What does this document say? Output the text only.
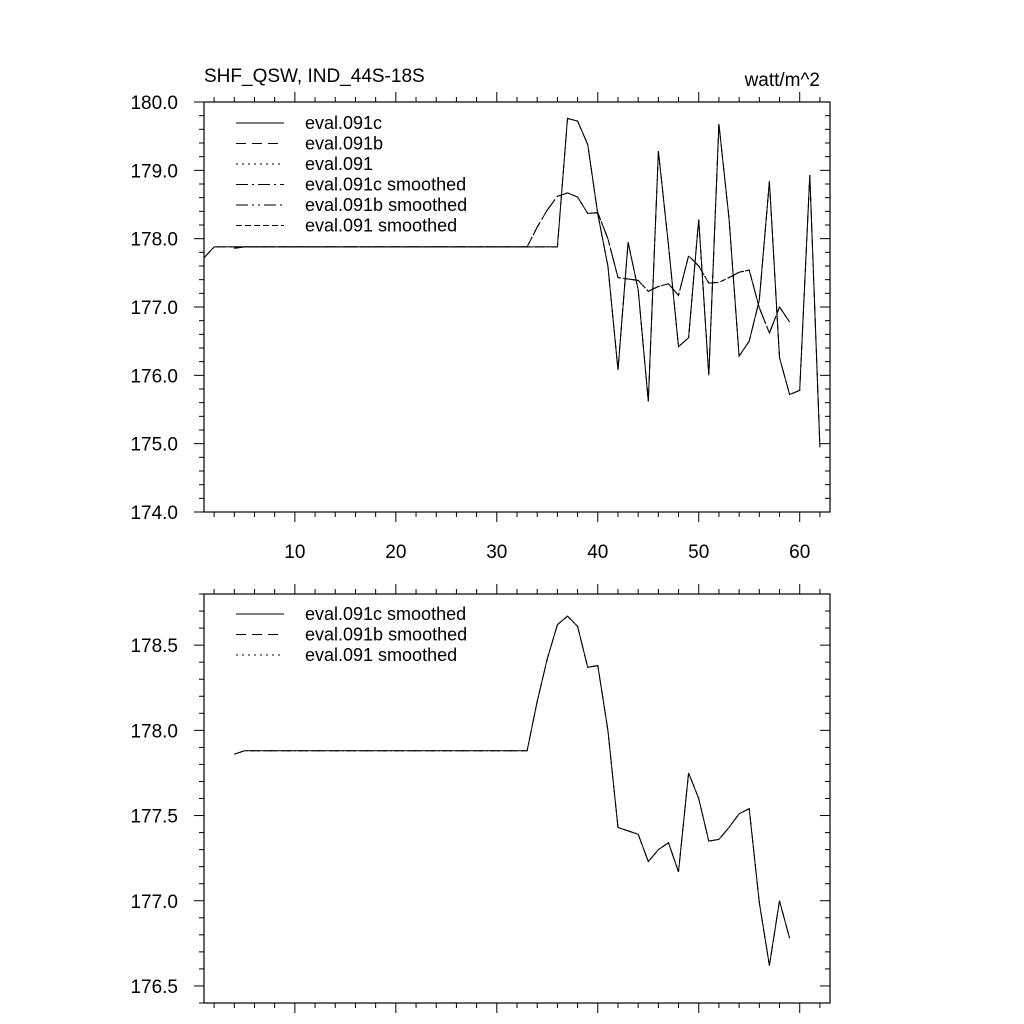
SHF_QSW, IND_44S-18S	watt/m^2
10	20	30	40	50	60
174.0
175.0
176.0
177.0
178.0
179.0
180.0
eval.091c
eval.091b
eval.091
eval.091c smoothed
eval.091b smoothed
eval.091 smoothed
176.5
177.0
177.5
178.0
178.5
eval.091c smoothed
eval.091b smoothed
eval.091 smoothed
